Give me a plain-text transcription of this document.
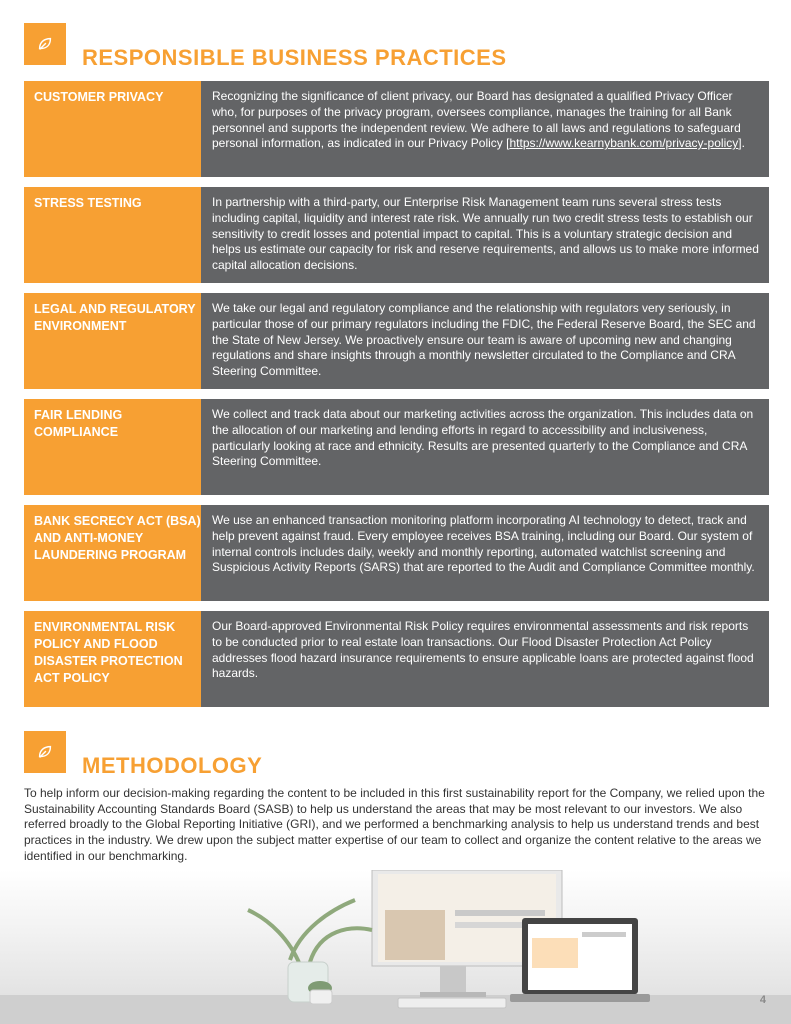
RESPONSIBLE BUSINESS PRACTICES
CUSTOMER PRIVACY	Recognizing the significance of client privacy, our Board has designated a qualified Privacy Officer who, for purposes of the privacy program, oversees compliance, manages the training for all Bank personnel and supports the independent review. We adhere to all laws and regulations to safeguard personal information, as indicated in our Privacy Policy [https://www.kearnybank.com/privacy-policy].
STRESS TESTING	In partnership with a third-party, our Enterprise Risk Management team runs several stress tests including capital, liquidity and interest rate risk. We annually run two credit stress tests to establish our sensitivity to credit losses and potential impact to capital. This is a voluntary strategic decision and helps us estimate our capacity for risk and reserve requirements, and allows us to make more informed capital allocation decisions.
LEGAL AND REGULATORY ENVIRONMENT
We take our legal and regulatory compliance and the relationship with regulators very seriously, in particular those of our primary regulators including the FDIC, the Federal Reserve Board, the SEC and the State of New Jersey. We proactively ensure our team is aware of upcoming new and changing regulations and share insights through a monthly newsletter circulated to the Compliance and CRA Steering Committee.
FAIR LENDING COMPLIANCE
We collect and track data about our marketing activities across the organization. This includes data on the allocation of our marketing and lending efforts in regard to accessibility and inclusiveness, particularly looking at race and ethnicity. Results are presented quarterly to the Compliance and CRA Steering Committee.
BANK SECRECY ACT (BSA) AND ANTI-MONEY LAUNDERING PROGRAM
We use an enhanced transaction monitoring platform incorporating AI technology to detect, track and help prevent against fraud. Every employee receives BSA training, including our Board. Our system of internal controls includes daily, weekly and monthly reporting, automated watchlist screening and Suspicious Activity Reports (SARS) that are reported to the Audit and Compliance Committee monthly.
ENVIRONMENTAL RISK POLICY AND FLOOD DISASTER PROTECTION ACT POLICY
Our Board-approved Environmental Risk Policy requires environmental assessments and risk reports to be conducted prior to real estate loan transactions. Our Flood Disaster Protection Act Policy addresses flood hazard insurance requirements to ensure applicable loans are protected against flood hazards.
METHODOLOGY
To help inform our decision-making regarding the content to be included in this first sustainability report for the Company, we relied upon the Sustainability Accounting Standards Board (SASB) to help us understand the areas that may be most relevant to our investors. We also referred broadly to the Global Reporting Initiative (GRI), and we performed a benchmarking analysis to help us understand trends and best practices in the industry. We drew upon the subject matter expertise of our team to collect and organize the content relative to the areas we identified in our benchmarking.
4
